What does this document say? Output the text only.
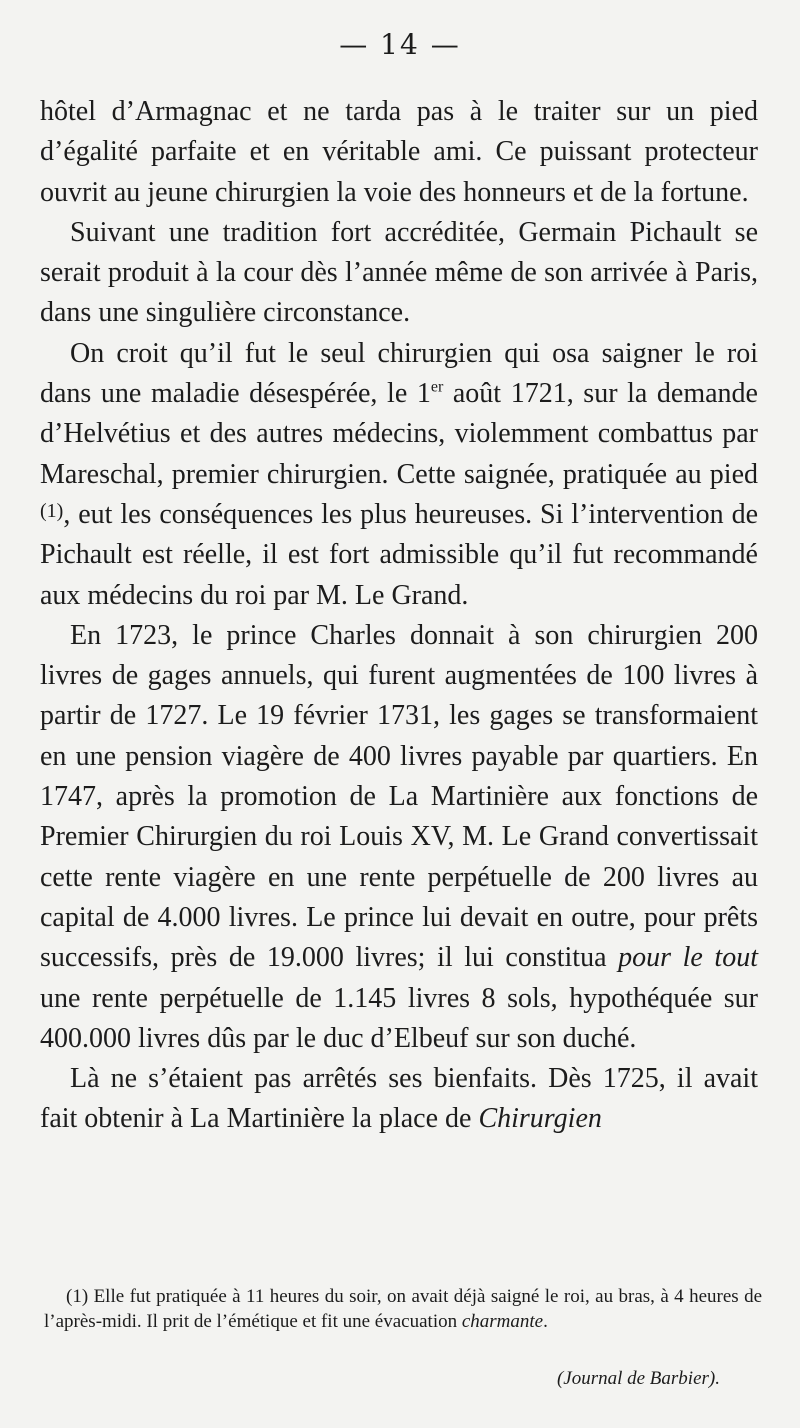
— 14 —

hôtel d’Armagnac et ne tarda pas à le traiter sur un pied d’égalité parfaite et en véritable ami. Ce puissant protecteur ouvrit au jeune chirurgien la voie des honneurs et de la fortune.

Suivant une tradition fort accréditée, Germain Pichault se serait produit à la cour dès l’année même de son arrivée à Paris, dans une singulière circonstance.

On croit qu’il fut le seul chirurgien qui osa saigner le roi dans une maladie désespérée, le 1er août 1721, sur la demande d’Helvétius et des autres médecins, violemment combattus par Mareschal, premier chirurgien. Cette saignée, pratiquée au pied $^{(1)}$, eut les conséquences les plus heureuses. Si l’intervention de Pichault est réelle, il est fort admissible qu’il fut recommandé aux médecins du roi par M. Le Grand.

En 1723, le prince Charles donnait à son chirurgien 200 livres de gages annuels, qui furent augmentées de 100 livres à partir de 1727. Le 19 février 1731, les gages se transformaient en une pension viagère de 400 livres payable par quartiers. En 1747, après la promotion de La Martinière aux fonctions de Premier Chirurgien du roi Louis XV, M. Le Grand convertissait cette rente viagère en une rente perpétuelle de 200 livres au capital de 4.000 livres. Le prince lui devait en outre, pour prêts successifs, près de 19.000 livres; il lui constitua pour le tout une rente perpétuelle de 1.145 livres 8 sols, hypothéquée sur 400.000 livres dûs par le duc d’Elbeuf sur son duché.

Là ne s’étaient pas arrêtés ses bienfaits. Dès 1725, il avait fait obtenir à La Martinière la place de Chirurgien

(1) Elle fut pratiquée à 11 heures du soir, on avait déjà saigné le roi, au bras, à 4 heures de l’après-midi. Il prit de l’émétique et fit une évacuation charmante.

(Journal de Barbier).
